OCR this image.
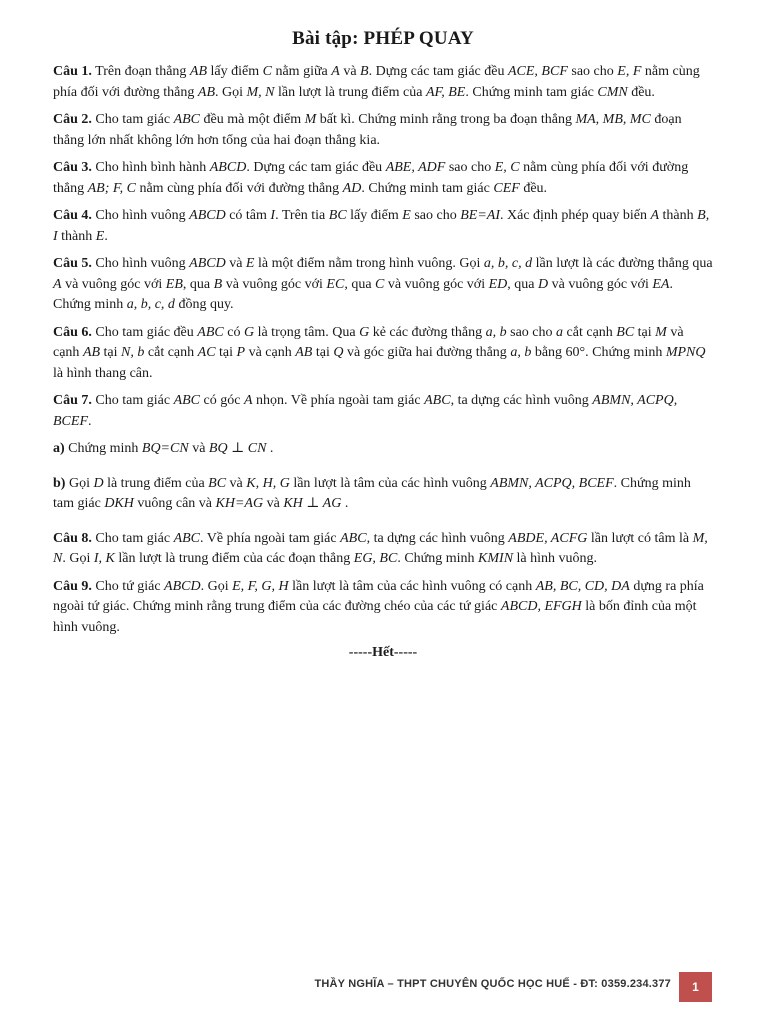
Bài tập: PHÉP QUAY
Câu 1. Trên đoạn thẳng AB lấy điểm C nằm giữa A và B. Dựng các tam giác đều ACE, BCF sao cho E, F nằm cùng phía đối với đường thẳng AB. Gọi M, N lần lượt là trung điểm của AF, BE. Chứng minh tam giác CMN đều.
Câu 2. Cho tam giác ABC đều mà một điểm M bất kì. Chứng minh rằng trong ba đoạn thẳng MA, MB, MC đoạn thẳng lớn nhất không lớn hơn tổng của hai đoạn thẳng kia.
Câu 3. Cho hình bình hành ABCD. Dựng các tam giác đều ABE, ADF sao cho E, C nằm cùng phía đối với đường thẳng AB; F, C nằm cùng phía đối với đường thẳng AD. Chứng minh tam giác CEF đều.
Câu 4. Cho hình vuông ABCD có tâm I. Trên tia BC lấy điểm E sao cho BE=AI. Xác định phép quay biến A thành B, I thành E.
Câu 5. Cho hình vuông ABCD và E là một điểm nằm trong hình vuông. Gọi a, b, c, d lần lượt là các đường thẳng qua A và vuông góc với EB, qua B và vuông góc với EC, qua C và vuông góc với ED, qua D và vuông góc với EA. Chứng minh a, b, c, d đồng quy.
Câu 6. Cho tam giác đều ABC có G là trọng tâm. Qua G kẻ các đường thẳng a, b sao cho a cắt cạnh BC tại M và cạnh AB tại N, b cắt cạnh AC tại P và cạnh AB tại Q và góc giữa hai đường thẳng a, b bằng 60°. Chứng minh MPNQ là hình thang cân.
Câu 7. Cho tam giác ABC có góc A nhọn. Về phía ngoài tam giác ABC, ta dựng các hình vuông ABMN, ACPQ, BCEF.
a) Chứng minh BQ=CN và BQ ⊥ CN .
b) Gọi D là trung điểm của BC và K, H, G lần lượt là tâm của các hình vuông ABMN, ACPQ, BCEF. Chứng minh tam giác DKH vuông cân và KH=AG và KH ⊥ AG .
Câu 8. Cho tam giác ABC. Về phía ngoài tam giác ABC, ta dựng các hình vuông ABDE, ACFG lần lượt có tâm là M, N. Gọi I, K lần lượt là trung điểm của các đoạn thẳng EG, BC. Chứng minh KMIN là hình vuông.
Câu 9. Cho tứ giác ABCD. Gọi E, F, G, H lần lượt là tâm của các hình vuông có cạnh AB, BC, CD, DA dựng ra phía ngoài tứ giác. Chứng minh rằng trung điểm của các đường chéo của các tứ giác ABCD, EFGH là bốn đỉnh của một hình vuông.
-----Hết-----
THẦY NGHĨA – THPT CHUYÊN QUỐC HỌC HUẾ - ĐT: 0359.234.377	1
